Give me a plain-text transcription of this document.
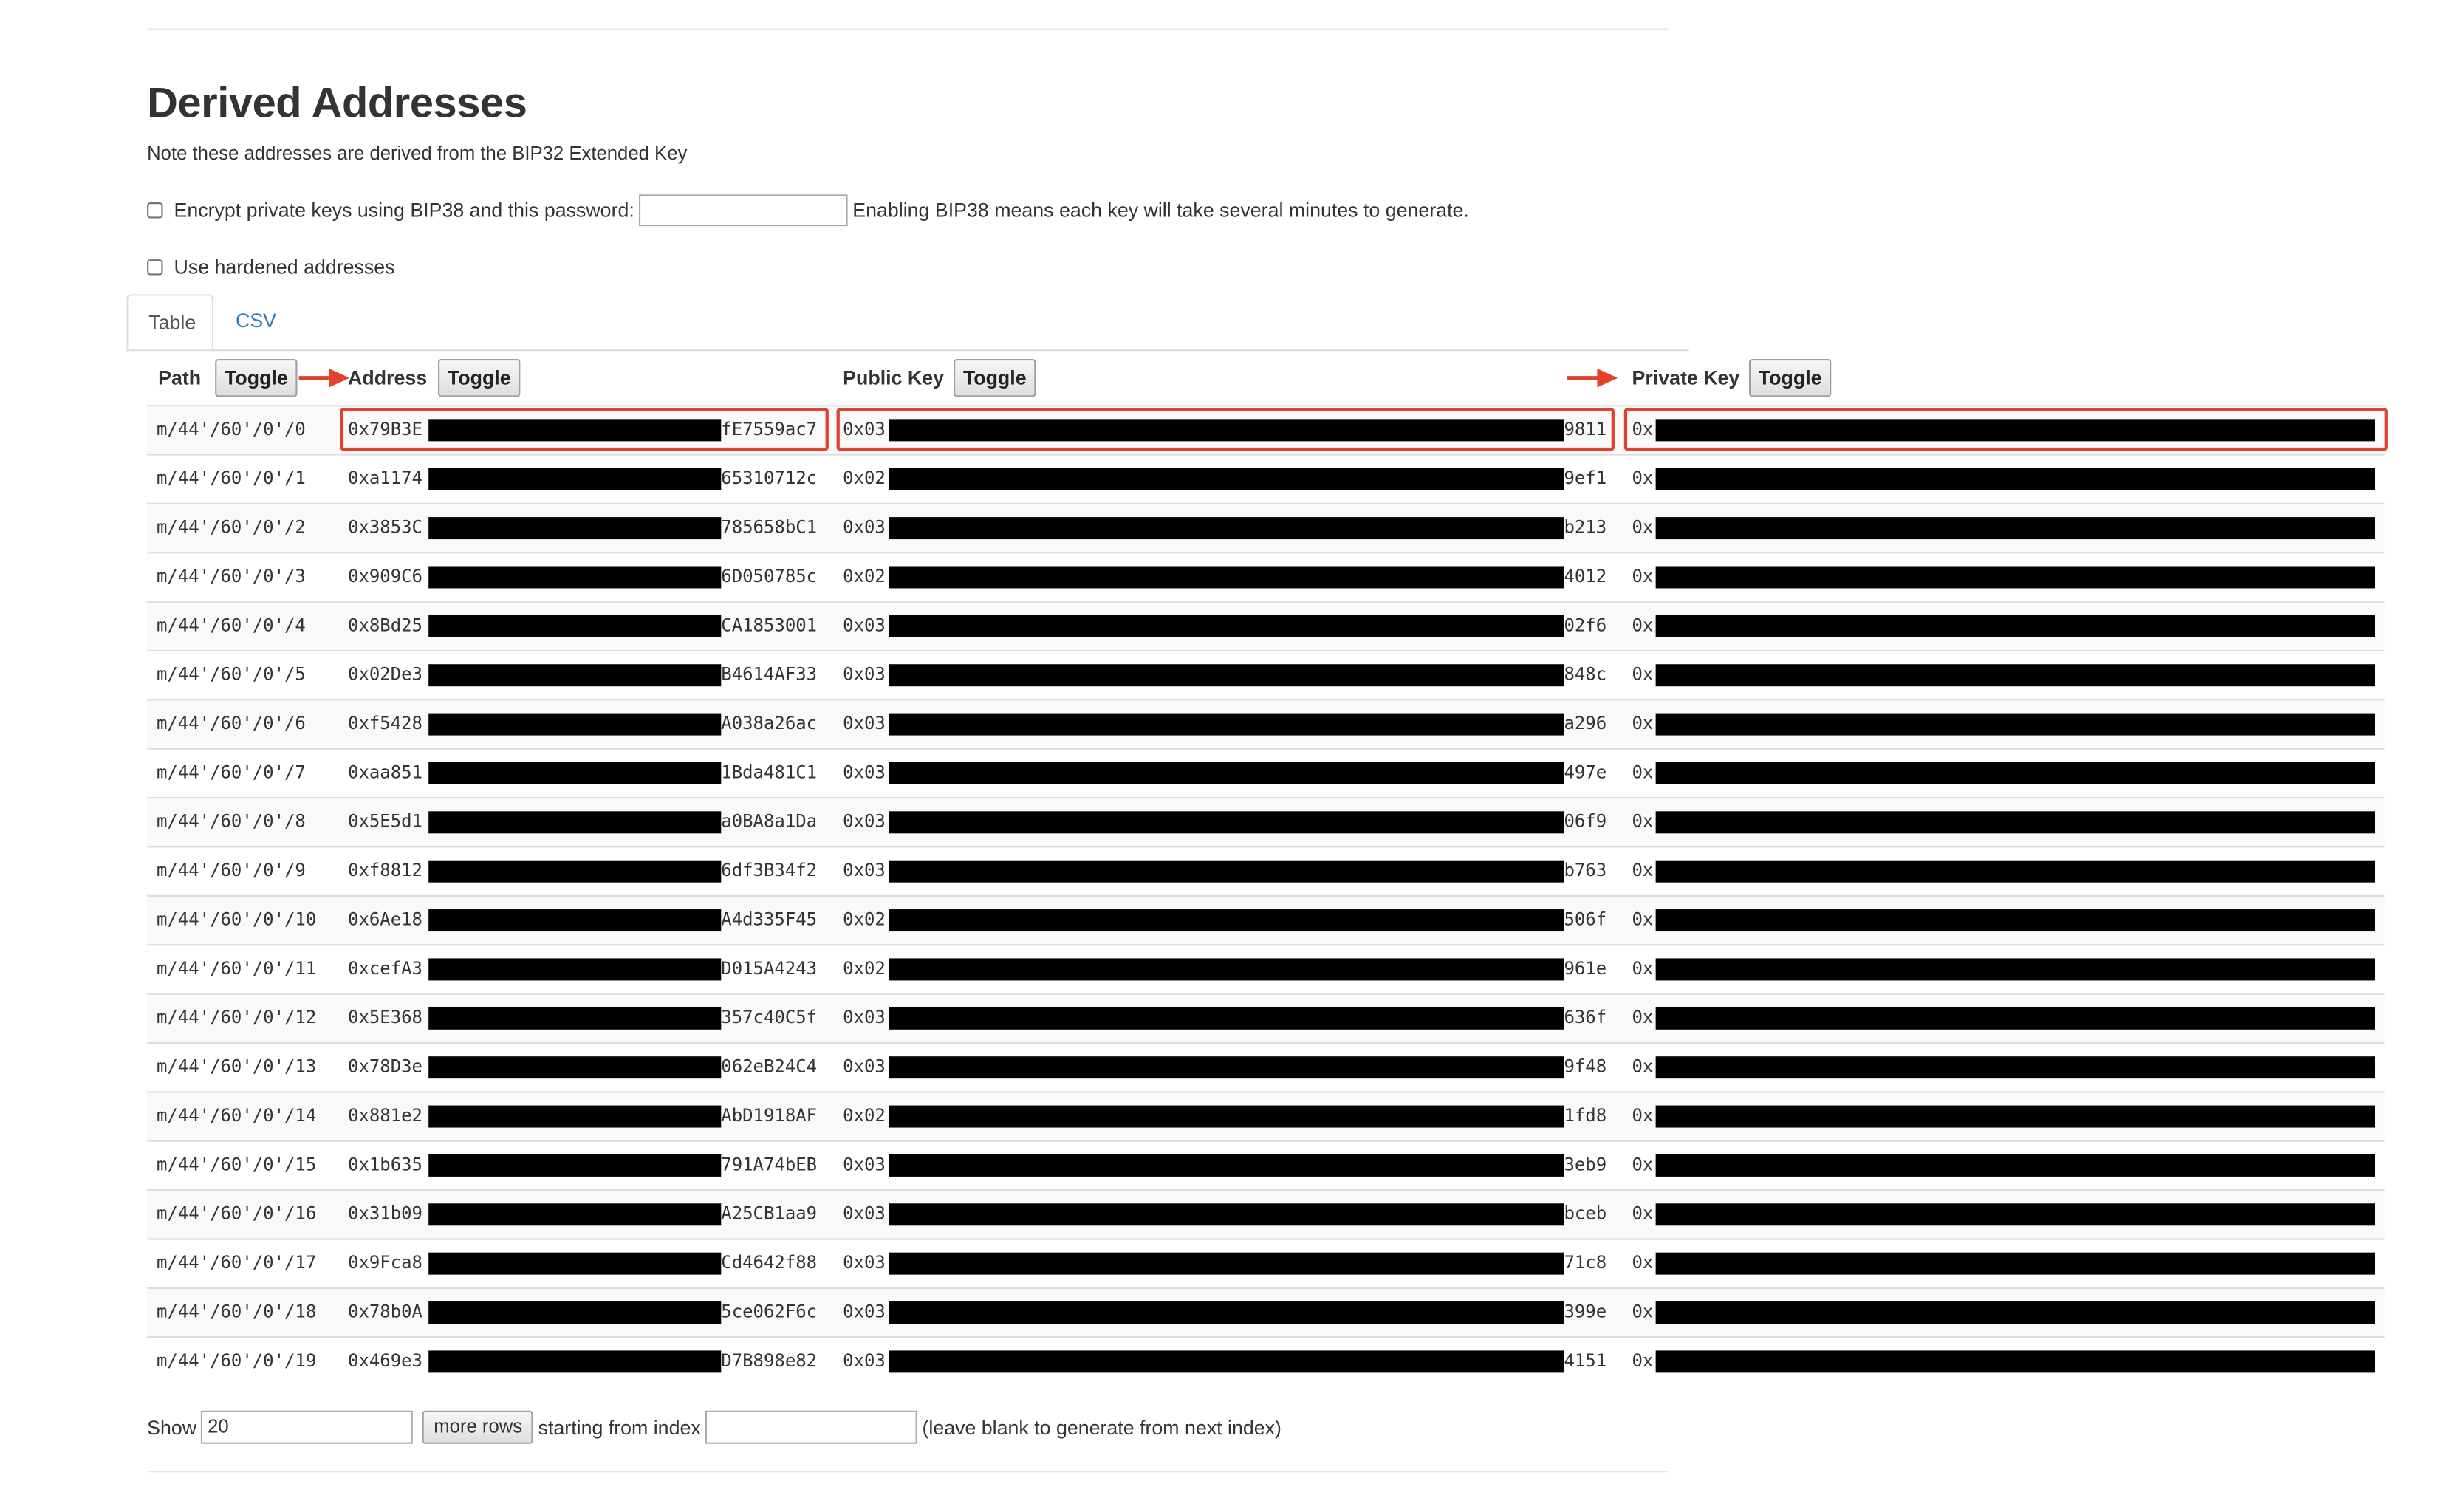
Derived Addresses
Note these addresses are derived from the BIP32 Extended Key
Encrypt private keys using BIP38 and this password:	Enabling BIP38 means each key will take several minutes to generate.
Use hardened addresses
Table	CSV
Path	Toggle	Address	Toggle	Public Key	Toggle	Private Key	Toggle
m/44'/60'/0'/0	0x79B3E	fE7559ac7	0x03	9811	0x
m/44'/60'/0'/1	0xa1174	65310712c	0x02	9ef1	0x
m/44'/60'/0'/2	0x3853C	785658bC1	0x03	b213	0x
m/44'/60'/0'/3	0x909C6	6D050785c	0x02	4012	0x
m/44'/60'/0'/4	0x8Bd25	CA1853001	0x03	02f6	0x
m/44'/60'/0'/5	0x02De3	B4614AF33	0x03	848c	0x
m/44'/60'/0'/6	0xf5428	A038a26ac	0x03	a296	0x
m/44'/60'/0'/7	0xaa851	1Bda481C1	0x03	497e	0x
m/44'/60'/0'/8	0x5E5d1	a0BA8a1Da	0x03	06f9	0x
m/44'/60'/0'/9	0xf8812	6df3B34f2	0x03	b763	0x
m/44'/60'/0'/10	0x6Ae18	A4d335F45	0x02	506f	0x
m/44'/60'/0'/11	0xcefA3	D015A4243	0x02	961e	0x
m/44'/60'/0'/12	0x5E368	357c40C5f	0x03	636f	0x
m/44'/60'/0'/13	0x78D3e	062eB24C4	0x03	9f48	0x
m/44'/60'/0'/14	0x881e2	AbD1918AF	0x02	1fd8	0x
m/44'/60'/0'/15	0x1b635	791A74bEB	0x03	3eb9	0x
m/44'/60'/0'/16	0x31b09	A25CB1aa9	0x03	bceb	0x
m/44'/60'/0'/17	0x9Fca8	Cd4642f88	0x03	71c8	0x
m/44'/60'/0'/18	0x78b0A	5ce062F6c	0x03	399e	0x
m/44'/60'/0'/19	0x469e3	D7B898e82	0x03	4151	0x
Show	20	more rows	starting from index	(leave blank to generate from next index)
